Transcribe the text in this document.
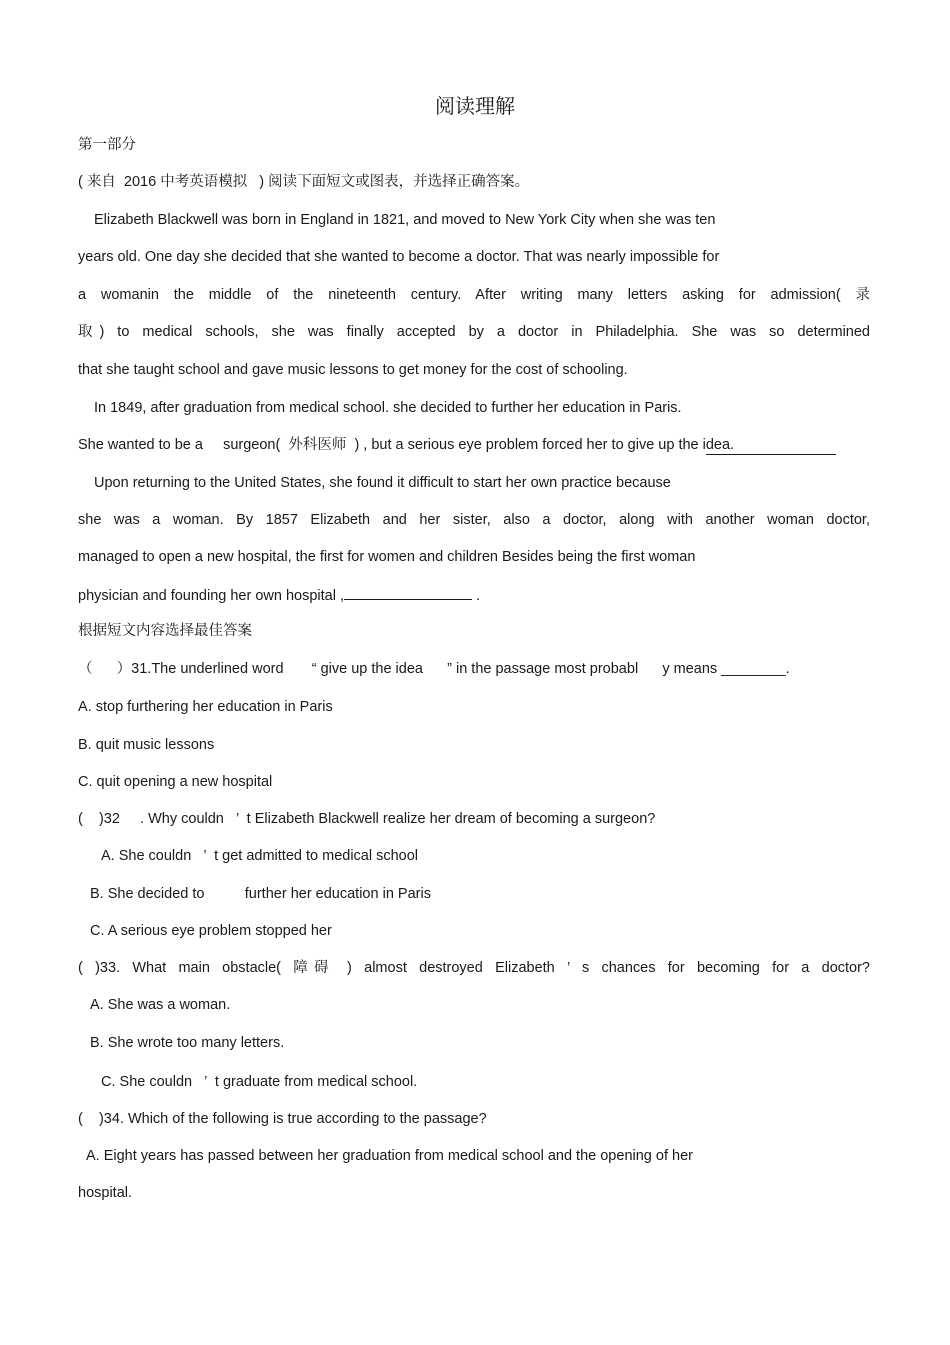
阅读理解
第一部分
( 来自  2016 中考英语模拟   ) 阅读下面短文或图表，并选择正确答案。
Elizabeth Blackwell was born in England in 1821, and moved to New York City when she was ten
years old. One day she decided that she wanted to become a doctor. That was nearly impossible for
a womanin the middle of the nineteenth century. After writing many letters asking for admission( 录
取) to medical schools, she was finally accepted by a doctor in Philadelphia. She was so determined
that she taught school and gave music lessons to get money for the cost of schooling.
In 1849, after graduation from medical school. she decided to further her education in Paris.
She wanted to be a     surgeon(  外科医师  ) , but a serious eye problem forced her to give up the idea.
Upon returning to the United States, she found it difficult to start her own practice because
she was a woman. By 1857 Elizabeth and her sister, also a doctor, along with another woman doctor,
managed to open a new hospital, the first for women and children Besides being the first woman
physician and founding her own hospital ,	.
根据短文内容选择最佳答案
（      ）31.The underlined word       “ give up the idea      ” in the passage most probabl      y means ________.
A. stop furthering her education in Paris
B. quit music lessons
C. quit opening a new hospital
(    )32     . Why couldn   ’  t Elizabeth Blackwell realize her dream of becoming a surgeon?
A. She couldn   ’  t get admitted to medical school
B. She decided to          further her education in Paris
C. A serious eye problem stopped her
( )33. What main obstacle( 障碍 ) almost destroyed Elizabeth ’ s chances for becoming for a doctor?
A. She was a woman.
B. She wrote too many letters.
C. She couldn   ’  t graduate from medical school.
(    )34. Which of the following is true according to the passage?
A. Eight years has passed between her graduation from medical school and the opening of her
hospital.
